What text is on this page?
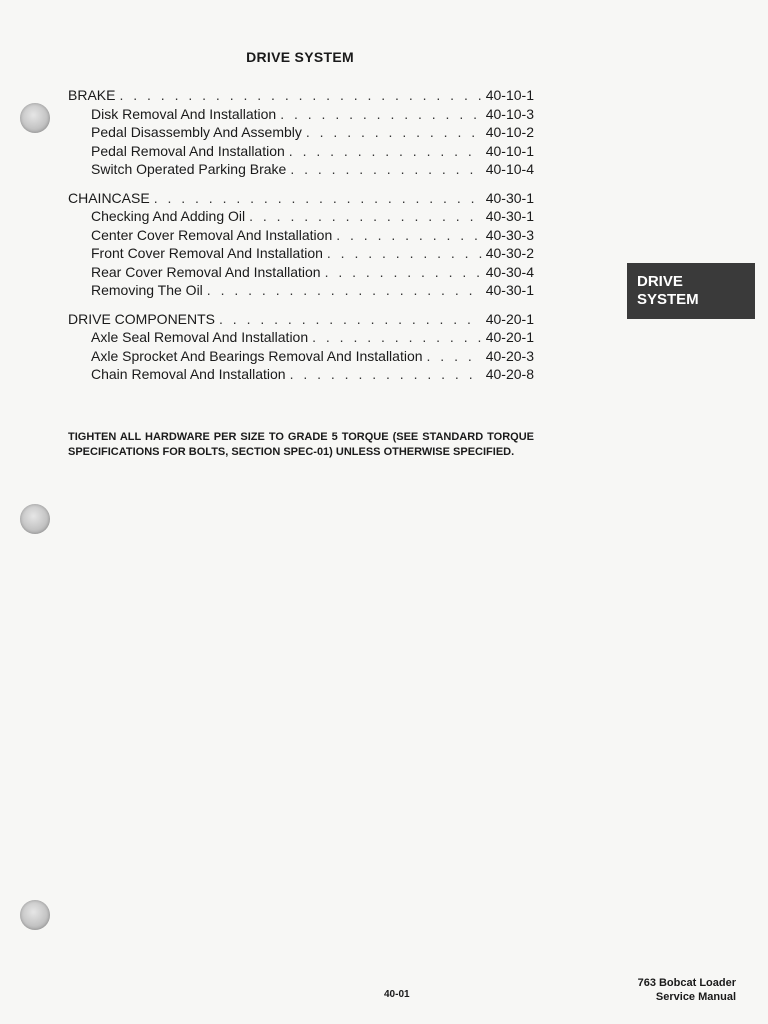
DRIVE SYSTEM
BRAKE . . .	40-10-1
Disk Removal And Installation . . .	40-10-3
Pedal Disassembly And Assembly . . .	40-10-2
Pedal Removal And Installation . . .	40-10-1
Switch Operated Parking Brake . . .	40-10-4
CHAINCASE . . .	40-30-1
Checking And Adding Oil . . .	40-30-1
Center Cover Removal And Installation . . .	40-30-3
Front Cover Removal And Installation . . .	40-30-2
Rear Cover Removal And Installation . . .	40-30-4
Removing The Oil . . .	40-30-1
DRIVE COMPONENTS . . .	40-20-1
Axle Seal Removal And Installation . . .	40-20-1
Axle Sprocket And Bearings Removal And Installation . . .	40-20-3
Chain Removal And Installation . . .	40-20-8
TIGHTEN ALL HARDWARE PER SIZE TO GRADE 5 TORQUE (SEE STANDARD TORQUE SPECIFICATIONS FOR BOLTS, SECTION SPEC-01) UNLESS OTHERWISE SPECIFIED.
DRIVE
SYSTEM
40-01
763 Bobcat Loader
Service Manual
